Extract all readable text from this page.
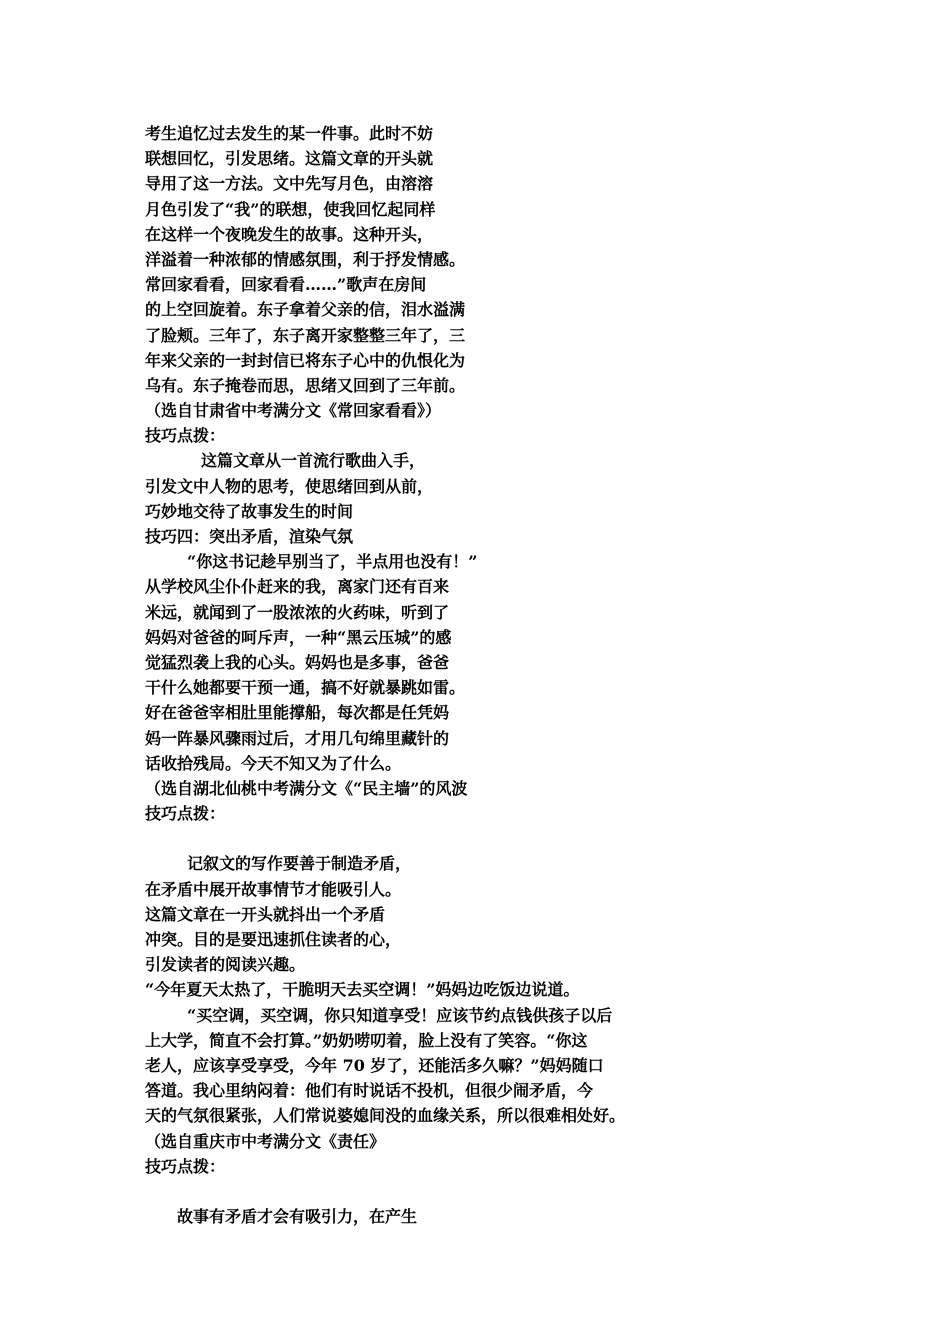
考生追忆过去发生的某一件事。此时不妨
联想回忆，引发思绪。这篇文章的开头就
导用了这一方法。文中先写月色，由溶溶
月色引发了“我”的联想，使我回忆起同样
在这样一个夜晚发生的故事。这种开头，
洋溢着一种浓郁的情感氛围，利于抒发情感。
常回家看看，回家看看……”歌声在房间
的上空回旋着。东子拿着父亲的信，泪水溢满
了脸颊。三年了，东子离开家整整三年了，三
年来父亲的一封封信已将东子心中的仇恨化为
乌有。东子掩卷而思，思绪又回到了三年前。
（选自甘肃省中考满分文《常回家看看》）
技巧点拨：
这篇文章从一首流行歌曲入手，
引发文中人物的思考，使思绪回到从前，
巧妙地交待了故事发生的时间
技巧四：突出矛盾，渲染气氛
“你这书记趁早别当了，半点用也没有！”
从学校风尘仆仆赶来的我，离家门还有百来
米远，就闻到了一股浓浓的火药味，听到了
妈妈对爸爸的呵斥声，一种“黑云压城”的感
觉猛烈袭上我的心头。妈妈也是多事，爸爸
干什么她都要干预一通，搞不好就暴跳如雷。
好在爸爸宰相肚里能撑船，每次都是任凭妈
妈一阵暴风骤雨过后，才用几句绵里藏针的
话收拾残局。今天不知又为了什么。
（选自湖北仙桃中考满分文《“民主墙”的风波
技巧点拨：
记叙文的写作要善于制造矛盾，
在矛盾中展开故事情节才能吸引人。
这篇文章在一开头就抖出一个矛盾
冲突。目的是要迅速抓住读者的心，
引发读者的阅读兴趣。
“今年夏天太热了，干脆明天去买空调！”妈妈边吃饭边说道。
“买空调，买空调，你只知道享受！应该节约点钱供孩子以后
上大学，简直不会打算。”奶奶唠叨着，脸上没有了笑容。“你这
老人，应该享受享受，今年 70 岁了，还能活多久嘛？”妈妈随口
答道。我心里纳闷着：他们有时说话不投机，但很少闹矛盾，今
天的气氛很紧张，人们常说婆媳间没的血缘关系，所以很难相处好。
（选自重庆市中考满分文《责任》
技巧点拨：
故事有矛盾才会有吸引力，在产生
